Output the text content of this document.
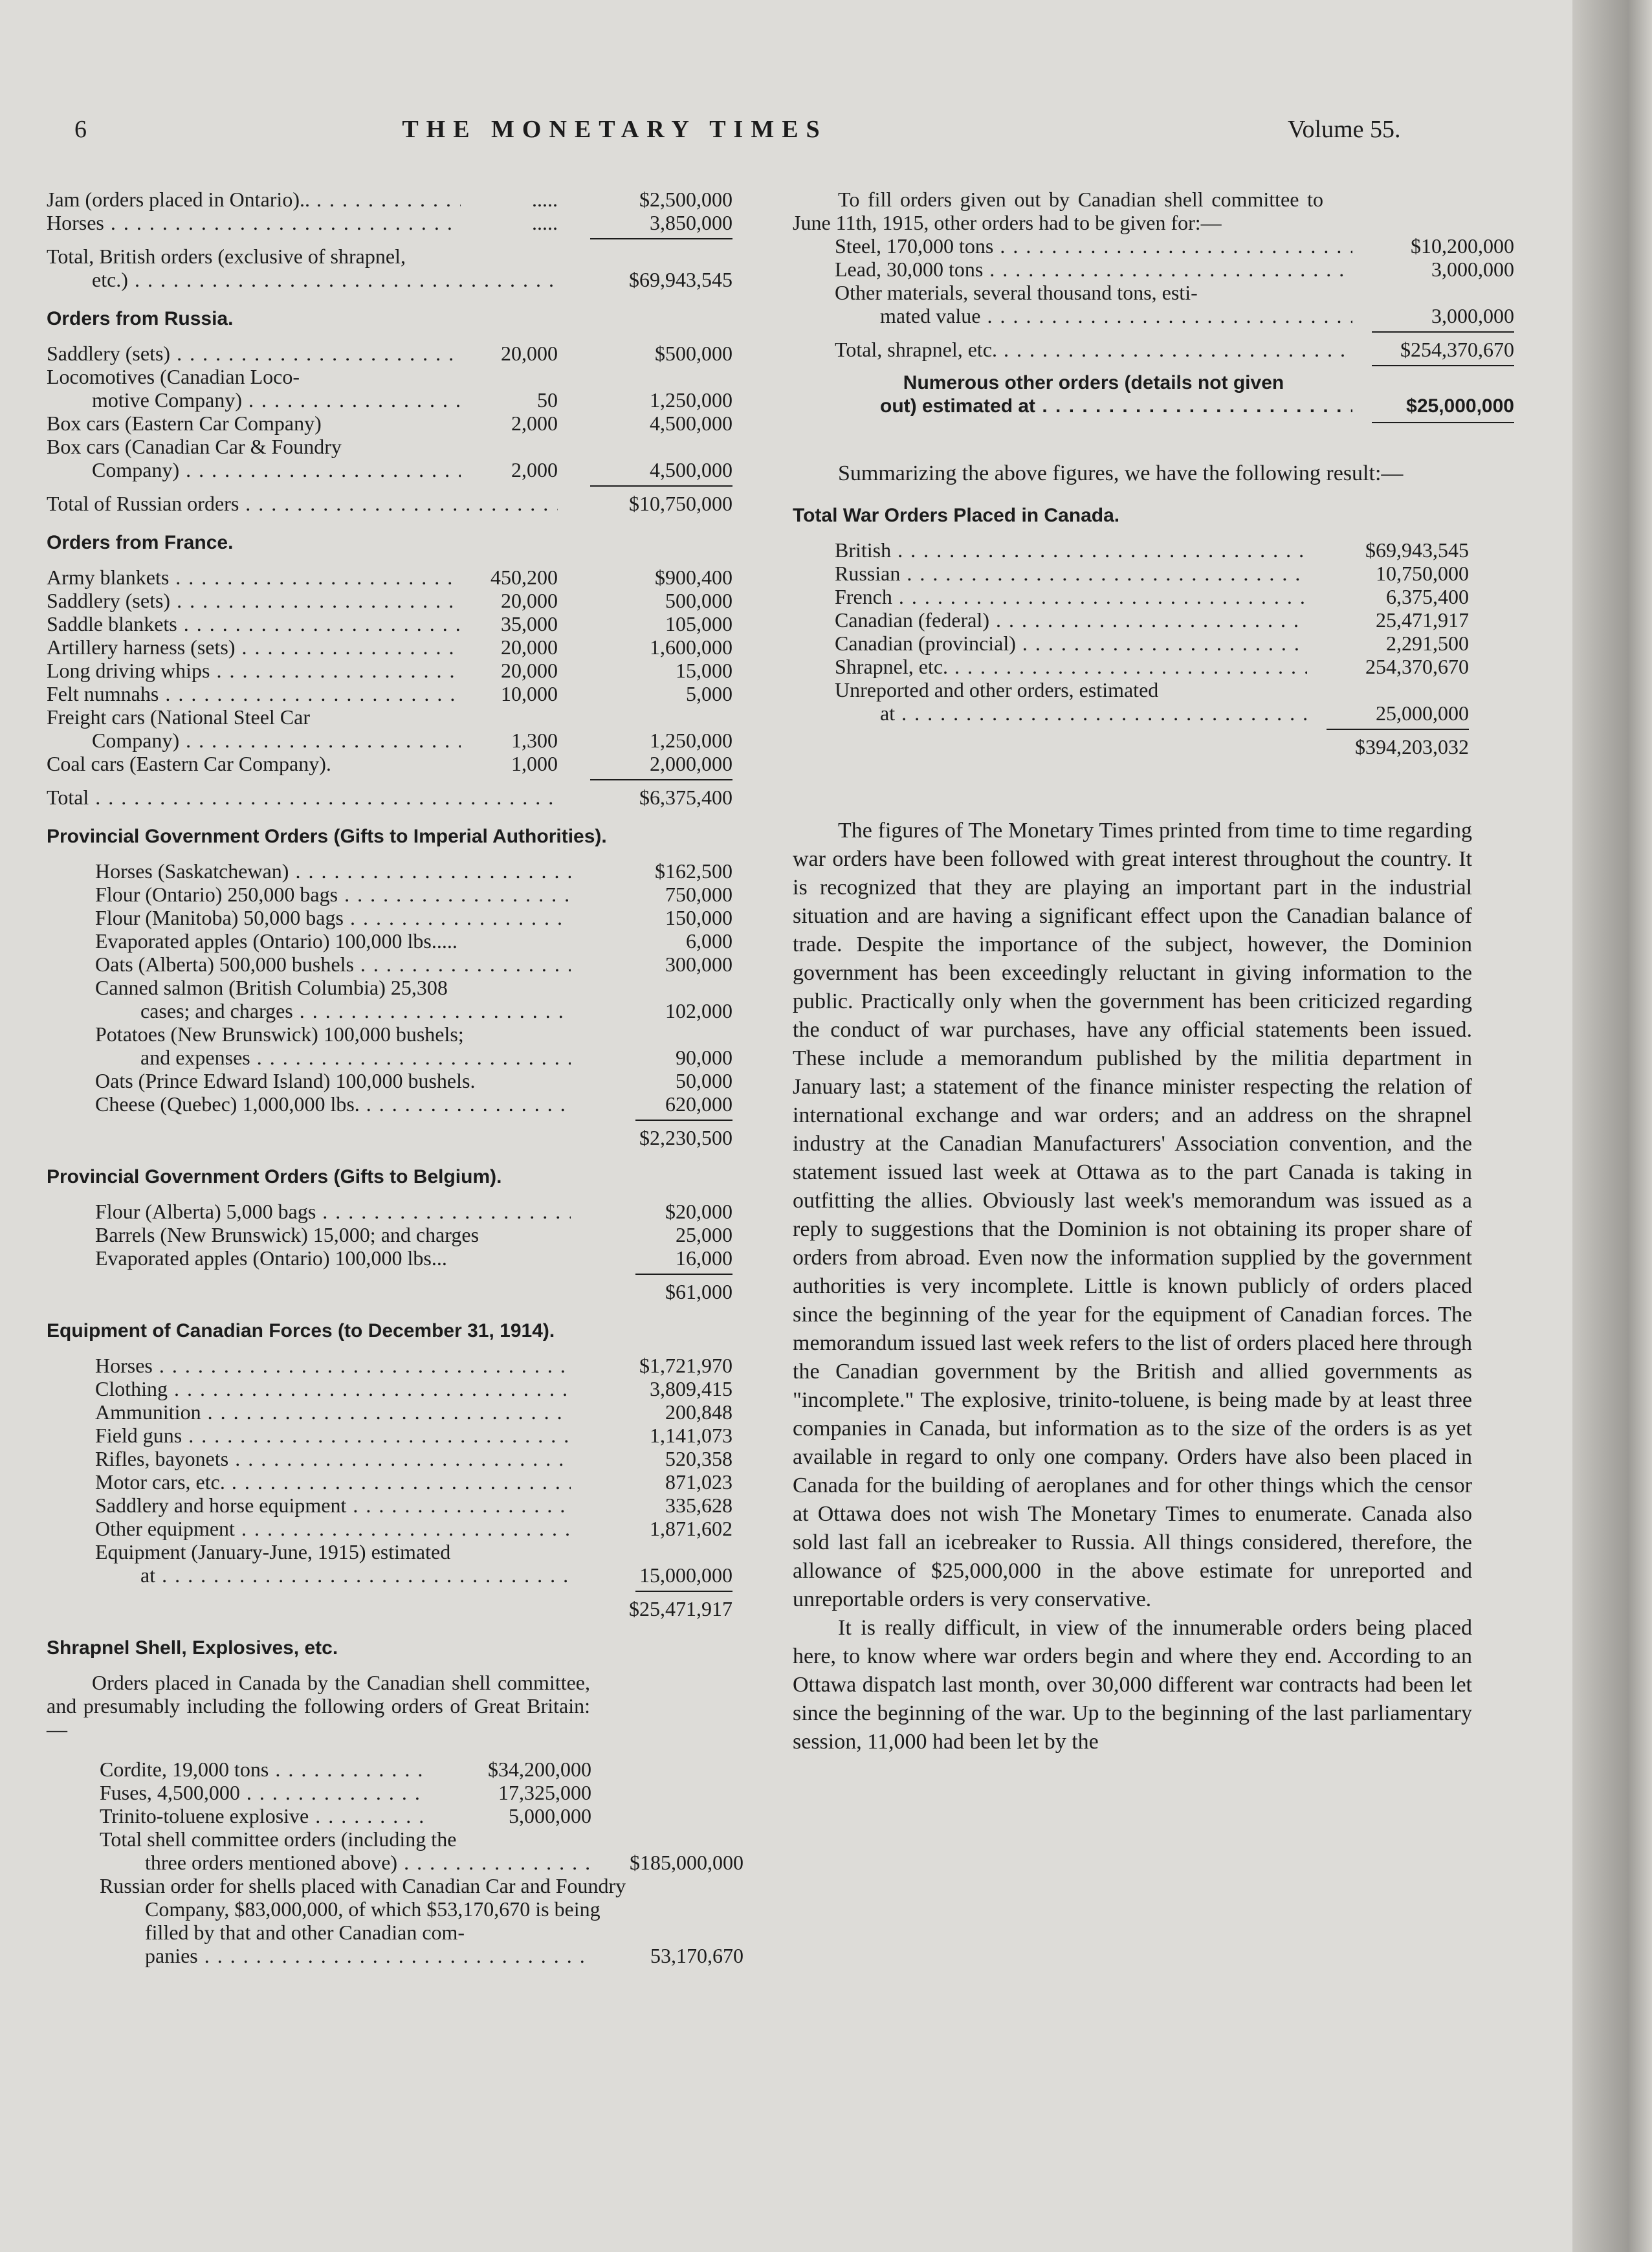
6	THE MONETARY TIMES	Volume 55.
Jam (orders placed in Ontario).. . . .	.....	$2,500,000
Horses . . .	.....	3,850,000
Total, British orders (exclusive of shrapnel,
etc.) . . .	$69,943,545
Orders from Russia.
Saddlery (sets) . . .	20,000	$500,000
Locomotives (Canadian Loco-
motive Company) . . .	50	1,250,000
Box cars (Eastern Car Company)	2,000	4,500,000
Box cars (Canadian Car & Foundry
Company) . . .	2,000	4,500,000
Total of Russian orders . . .	$10,750,000
Orders from France.
Army blankets . . .	450,200	$900,400
Saddlery (sets) . . .	20,000	500,000
Saddle blankets . . .	35,000	105,000
Artillery harness (sets) . . .	20,000	1,600,000
Long driving whips . . .	20,000	15,000
Felt numnahs . . .	10,000	5,000
Freight cars (National Steel Car
Company) . . .	1,300	1,250,000
Coal cars (Eastern Car Company).	1,000	2,000,000
Total . . .	$6,375,400
Provincial Government Orders (Gifts to Imperial Authorities).
Horses (Saskatchewan) . . .	$162,500
Flour (Ontario) 250,000 bags . . .	750,000
Flour (Manitoba) 50,000 bags . . .	150,000
Evaporated apples (Ontario) 100,000 lbs.....	6,000
Oats (Alberta) 500,000 bushels . . .	300,000
Canned salmon (British Columbia) 25,308
cases; and charges . . .	102,000
Potatoes (New Brunswick) 100,000 bushels;
and expenses . . .	90,000
Oats (Prince Edward Island) 100,000 bushels.	50,000
Cheese (Quebec) 1,000,000 lbs. . . .	620,000
$2,230,500
Provincial Government Orders (Gifts to Belgium).
Flour (Alberta) 5,000 bags . . .	$20,000
Barrels (New Brunswick) 15,000; and charges	25,000
Evaporated apples (Ontario) 100,000 lbs...	16,000
$61,000
Equipment of Canadian Forces (to December 31, 1914).
Horses . . .	$1,721,970
Clothing . . .	3,809,415
Ammunition . . .	200,848
Field guns . . .	1,141,073
Rifles, bayonets . . .	520,358
Motor cars, etc. . . .	871,023
Saddlery and horse equipment . . .	335,628
Other equipment . . .	1,871,602
Equipment (January-June, 1915) estimated
at . . .	15,000,000
$25,471,917
Shrapnel Shell, Explosives, etc.

Orders placed in Canada by the Canadian shell committee, and presumably including the following orders of Great Britain:—

Cordite, 19,000 tons . . .	$34,200,000
Fuses, 4,500,000 . . .	17,325,000
Trinito-toluene explosive . . .	5,000,000
Total shell committee orders (including the
three orders mentioned above) . . .	$185,000,000
Russian order for shells placed with Canadian Car and Foundry Company, $83,000,000, of which $53,170,670 is being filled by that and other Canadian com-
panies . . .	53,170,670

To fill orders given out by Canadian shell committee to June 11th, 1915, other orders had to be given for:—

Steel, 170,000 tons . . .	$10,200,000
Lead, 30,000 tons . . .	3,000,000
Other materials, several thousand tons, esti-
mated value . . .	3,000,000
Total, shrapnel, etc. . . .	$254,370,670
Numerous other orders (details not given
out) estimated at . . .	$25,000,000

Summarizing the above figures, we have the following result:—

Total War Orders Placed in Canada.
British . . .	$69,943,545
Russian . . .	10,750,000
French . . .	6,375,400
Canadian (federal) . . .	25,471,917
Canadian (provincial) . . .	2,291,500
Shrapnel, etc. . . .	254,370,670
Unreported and other orders, estimated
at . . .	25,000,000
$394,203,032

The figures of The Monetary Times printed from time to time regarding war orders have been followed with great interest throughout the country. It is recognized that they are playing an important part in the industrial situation and are having a significant effect upon the Canadian balance of trade. Despite the importance of the subject, however, the Dominion government has been exceedingly reluctant in giving information to the public. Practically only when the government has been criticized regarding the conduct of war purchases, have any official statements been issued. These include a memorandum published by the militia department in January last; a statement of the finance minister respecting the relation of international exchange and war orders; and an address on the shrapnel industry at the Canadian Manufacturers' Association convention, and the statement issued last week at Ottawa as to the part Canada is taking in outfitting the allies. Obviously last week's memorandum was issued as a reply to suggestions that the Dominion is not obtaining its proper share of orders from abroad. Even now the information supplied by the government authorities is very incomplete. Little is known publicly of orders placed since the beginning of the year for the equipment of Canadian forces. The memorandum issued last week refers to the list of orders placed here through the Canadian government by the British and allied governments as "incomplete." The explosive, trinito-toluene, is being made by at least three companies in Canada, but information as to the size of the orders is as yet available in regard to only one company. Orders have also been placed in Canada for the building of aeroplanes and for other things which the censor at Ottawa does not wish The Monetary Times to enumerate. Canada also sold last fall an icebreaker to Russia. All things considered, therefore, the allowance of $25,000,000 in the above estimate for unreported and unreportable orders is very conservative.

It is really difficult, in view of the innumerable orders being placed here, to know where war orders begin and where they end. According to an Ottawa dispatch last month, over 30,000 different war contracts had been let since the beginning of the war. Up to the beginning of the last parliamentary session, 11,000 had been let by the
